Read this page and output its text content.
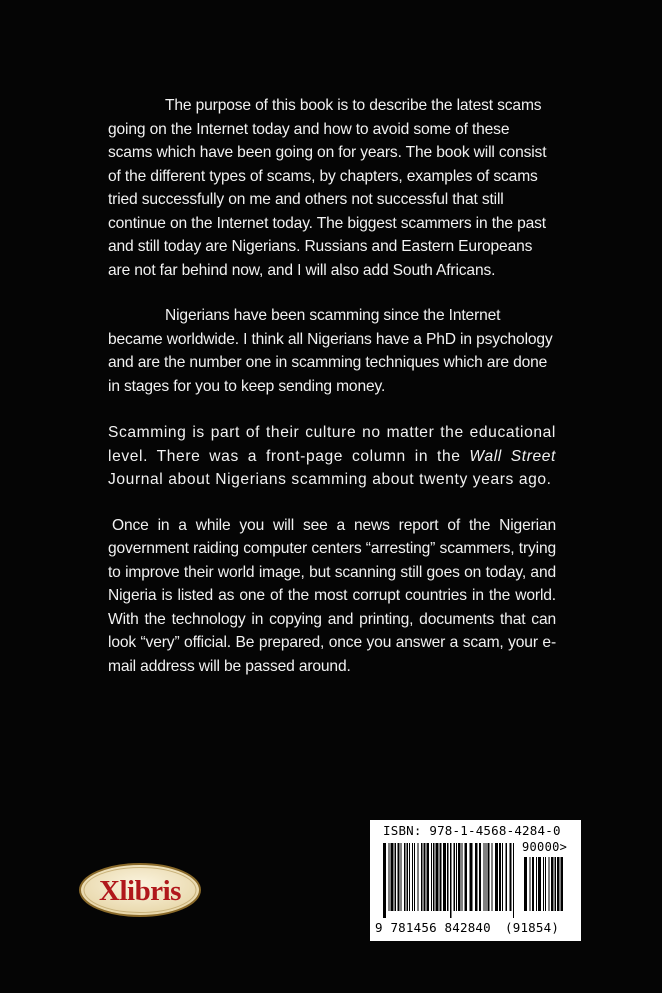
The purpose of this book is to describe the latest scams going on the Internet today and how to avoid some of these scams which have been going on for years. The book will consist of the different types of scams, by chapters, examples of scams tried successfully on me and others not successful that still continue on the Internet today. The biggest scammers in the past and still today are Nigerians. Russians and Eastern Europeans are not far behind now, and I will also add South Africans.

Nigerians have been scamming since the Internet became worldwide. I think all Nigerians have a PhD in psychology and are the number one in scamming techniques which are done in stages for you to keep sending money.

Scamming is part of their culture no matter the educational level. There was a front-page column in the Wall Street Journal about Nigerians scamming about twenty years ago.

Once in a while you will see a news report of the Nigerian government raiding computer centers “arresting” scammers, trying to improve their world image, but scanning still goes on today, and Nigeria is listed as one of the most corrupt countries in the world. With the technology in copying and printing, documents that can look “very” official. Be prepared, once you answer a scam, your e-mail address will be passed around.

Xlibris
ISBN: 978-1-4568-4284-0
90000>
9 781456 842840 (91854)
